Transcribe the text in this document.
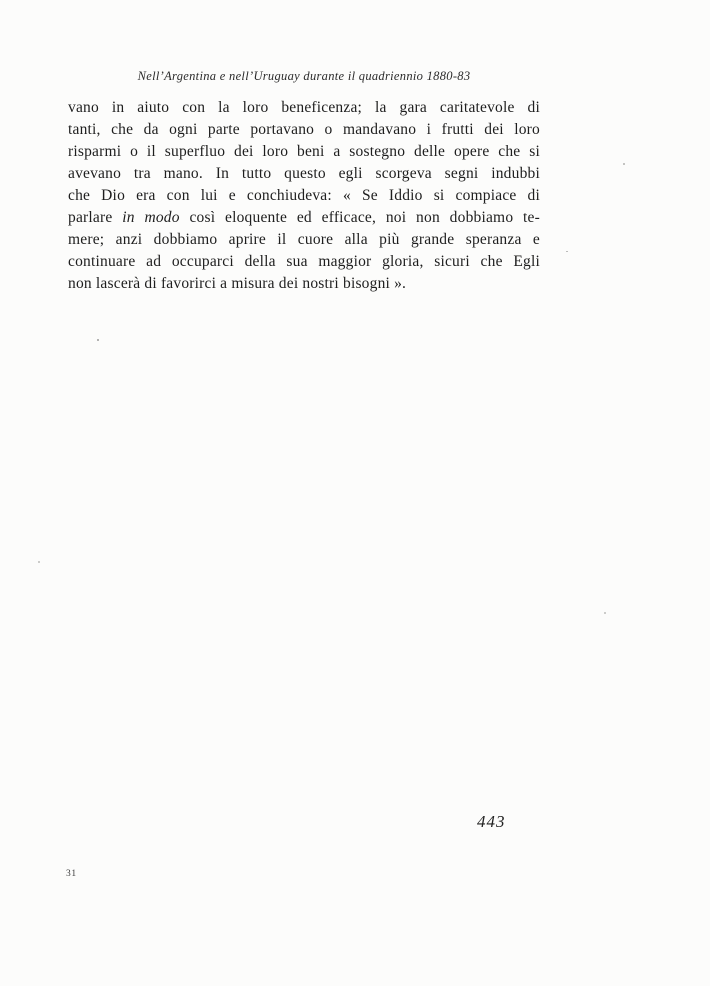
Nell’Argentina e nell’Uruguay durante il quadriennio 1880-83
vano in aiuto con la loro beneficenza; la gara caritatevole di
tanti, che da ogni parte portavano o mandavano i frutti dei loro
risparmi o il superfluo dei loro beni a sostegno delle opere che si
avevano tra mano. In tutto questo egli scorgeva segni indubbi
che Dio era con lui e conchiudeva: « Se Iddio si compiace di
parlare in modo così eloquente ed efficace, noi non dobbiamo te-
mere; anzi dobbiamo aprire il cuore alla più grande speranza e
continuare ad occuparci della sua maggior gloria, sicuri che Egli
non lascerà di favorirci a misura dei nostri bisogni ».
443
31
